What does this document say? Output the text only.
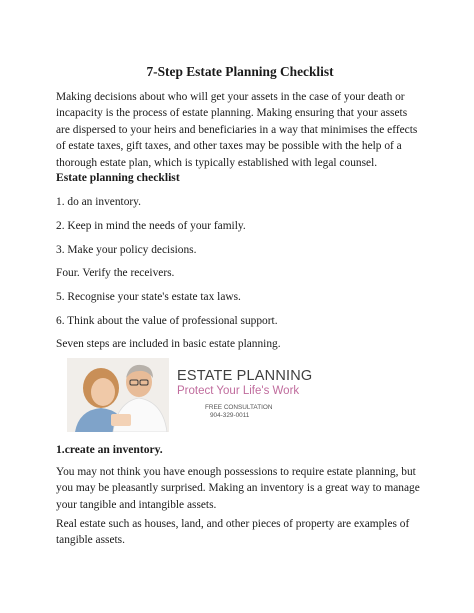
7-Step Estate Planning Checklist

Making decisions about who will get your assets in the case of your death or incapacity is the process of estate planning. Making ensuring that your assets are dispersed to your heirs and beneficiaries in a way that minimises the effects of estate taxes, gift taxes, and other taxes may be possible with the help of a thorough estate plan, which is typically established with legal counsel.

Estate planning checklist

1. do an inventory.

2. Keep in mind the needs of your family.

3. Make your policy decisions.

Four. Verify the receivers.

5. Recognise your state's estate tax laws.

6. Think about the value of professional support.

Seven steps are included in basic estate planning.

ESTATE PLANNING
Protect Your Life's Work
FREE CONSULTATION
904-329-0011
1.create an inventory.

You may not think you have enough possessions to require estate planning, but you may be pleasantly surprised. Making an inventory is a great way to manage your tangible and intangible assets.

Real estate such as houses, land, and other pieces of property are examples of tangible assets.
